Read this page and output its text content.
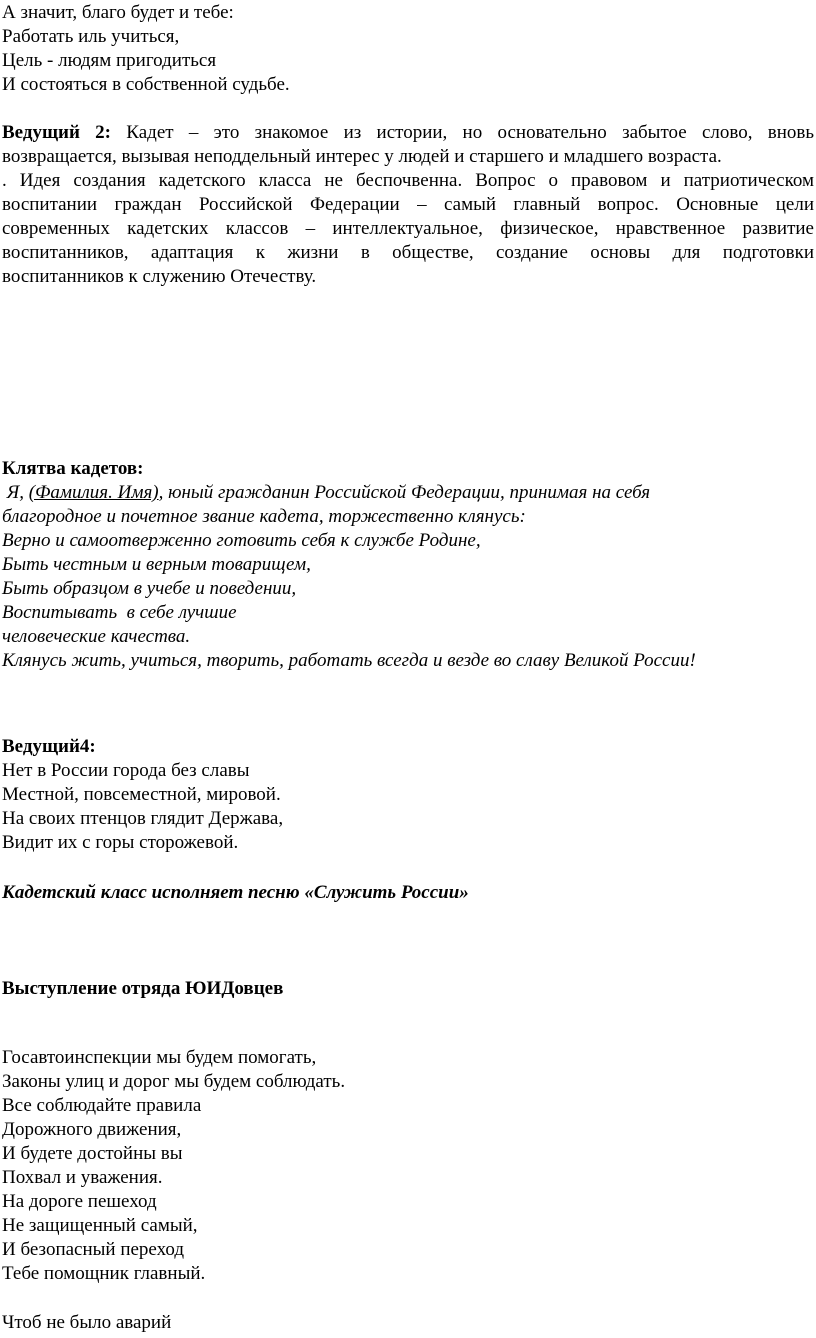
А значит, благо будет и тебе:
Работать иль учиться,
Цель - людям пригодиться
И состояться в собственной судьбе.
Ведущий 2: Кадет – это знакомое из истории, но основательно забытое слово, вновь
возвращается, вызывая неподдельный интерес у людей и старшего и младшего возраста.
. Идея создания кадетского класса не беспочвенна. Вопрос о правовом и патриотическом
воспитании граждан Российской Федерации – самый главный вопрос. Основные цели
современных кадетских классов – интеллектуальное, физическое, нравственное развитие
воспитанников, адаптация к жизни в обществе, создание основы для подготовки
воспитанников к служению Отечеству.
Клятва кадетов:
Я, (Фамилия. Имя), юный гражданин Российской Федерации, принимая на себя
благородное и почетное звание кадета, торжественно клянусь:
Верно и самоотверженно готовить себя к службе Родине,
Быть честным и верным товарищем,
Быть образцом в учебе и поведении,
Воспитывать  в себе лучшие
человеческие качества.
Клянусь жить, учиться, творить, работать всегда и везде во славу Великой России!
Ведущий4:
Нет в России города без славы
Местной, повсеместной, мировой.
На своих птенцов глядит Держава,
Видит их с горы сторожевой.
Кадетский класс исполняет песню «Служить России»
Выступление отряда ЮИДовцев
Госавтоинспекции мы будем помогать,
Законы улиц и дорог мы будем соблюдать.
Все соблюдайте правила
Дорожного движения,
И будете достойны вы
Похвал и уважения.
На дороге пешеход
Не защищенный самый,
И безопасный переход
Тебе помощник главный.
Чтоб не было аварий
